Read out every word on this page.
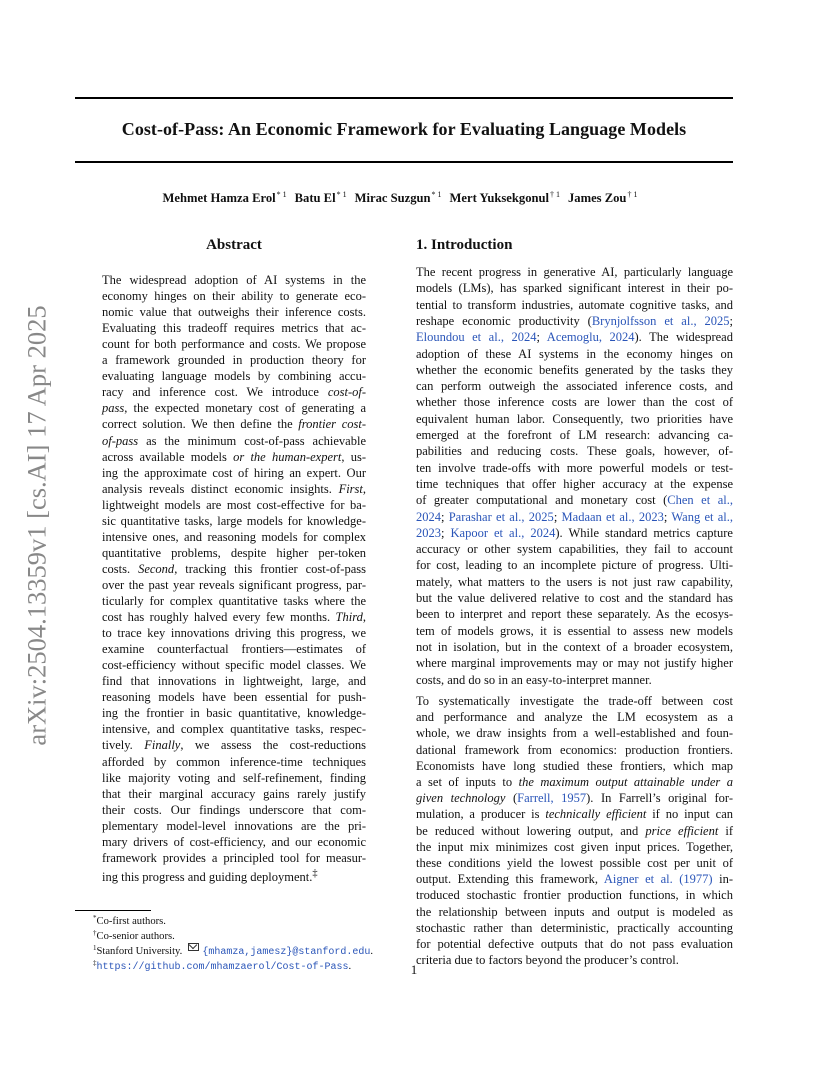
Cost-of-Pass: An Economic Framework for Evaluating Language Models
Mehmet Hamza Erol$^{* 1}$ Batu El$^{* 1}$ Mirac Suzgun$^{* 1}$ Mert Yuksekgonul$^{\dagger 1}$ James Zou$^{\dagger 1}$
arXiv:2504.13359v1 [cs.AI] 17 Apr 2025
Abstract	1. Introduction
The widespread adoption of AI systems in the
economy hinges on their ability to generate eco-
nomic value that outweighs their inference costs.
Evaluating this tradeoff requires metrics that ac-
count for both performance and costs. We propose
a framework grounded in production theory for
evaluating language models by combining accu-
racy and inference cost. We introduce cost-of-
pass, the expected monetary cost of generating a
correct solution. We then define the frontier cost-
of-pass as the minimum cost-of-pass achievable
across available models or the human-expert, us-
ing the approximate cost of hiring an expert. Our
analysis reveals distinct economic insights. First,
lightweight models are most cost-effective for ba-
sic quantitative tasks, large models for knowledge-
intensive ones, and reasoning models for complex
quantitative problems, despite higher per-token
costs. Second, tracking this frontier cost-of-pass
over the past year reveals significant progress, par-
ticularly for complex quantitative tasks where the
cost has roughly halved every few months. Third,
to trace key innovations driving this progress, we
examine counterfactual frontiers—estimates of
cost-efficiency without specific model classes. We
find that innovations in lightweight, large, and
reasoning models have been essential for push-
ing the frontier in basic quantitative, knowledge-
intensive, and complex quantitative tasks, respec-
tively. Finally, we assess the cost-reductions
afforded by common inference-time techniques
like majority voting and self-refinement, finding
that their marginal accuracy gains rarely justify
their costs. Our findings underscore that com-
plementary model-level innovations are the pri-
mary drivers of cost-efficiency, and our economic
framework provides a principled tool for measur-
ing this progress and guiding deployment.‡
The recent progress in generative AI, particularly language
models (LMs), has sparked significant interest in their po-
tential to transform industries, automate cognitive tasks, and
reshape economic productivity (Brynjolfsson et al., 2025;
Eloundou et al., 2024; Acemoglu, 2024). The widespread
adoption of these AI systems in the economy hinges on
whether the economic benefits generated by the tasks they
can perform outweigh the associated inference costs, and
whether those inference costs are lower than the cost of
equivalent human labor. Consequently, two priorities have
emerged at the forefront of LM research: advancing ca-
pabilities and reducing costs. These goals, however, of-
ten involve trade-offs with more powerful models or test-
time techniques that offer higher accuracy at the expense
of greater computational and monetary cost (Chen et al.,
2024; Parashar et al., 2025; Madaan et al., 2023; Wang et al.,
2023; Kapoor et al., 2024). While standard metrics capture
accuracy or other system capabilities, they fail to account
for cost, leading to an incomplete picture of progress. Ulti-
mately, what matters to the users is not just raw capability,
but the value delivered relative to cost and the standard has
been to interpret and report these separately. As the ecosys-
tem of models grows, it is essential to assess new models
not in isolation, but in the context of a broader ecosystem,
where marginal improvements may or may not justify higher
costs, and do so in an easy-to-interpret manner.
To systematically investigate the trade-off between cost
and performance and analyze the LM ecosystem as a
whole, we draw insights from a well-established and foun-
dational framework from economics: production frontiers.
Economists have long studied these frontiers, which map
a set of inputs to the maximum output attainable under a
given technology (Farrell, 1957). In Farrell’s original for-
mulation, a producer is technically efficient if no input can
be reduced without lowering output, and price efficient if
the input mix minimizes cost given input prices. Together,
these conditions yield the lowest possible cost per unit of
output. Extending this framework, Aigner et al. (1977) in-
troduced stochastic frontier production functions, in which
the relationship between inputs and output is modeled as
stochastic rather than deterministic, practically accounting
for potential defective outputs that do not pass evaluation
criteria due to factors beyond the producer’s control.
*Co-first authors.
†Co-senior authors.
$^1$Stanford University. {mhamza,jamesz}@stanford.edu.
‡https://github.com/mhamzaerol/Cost-of-Pass.	1
